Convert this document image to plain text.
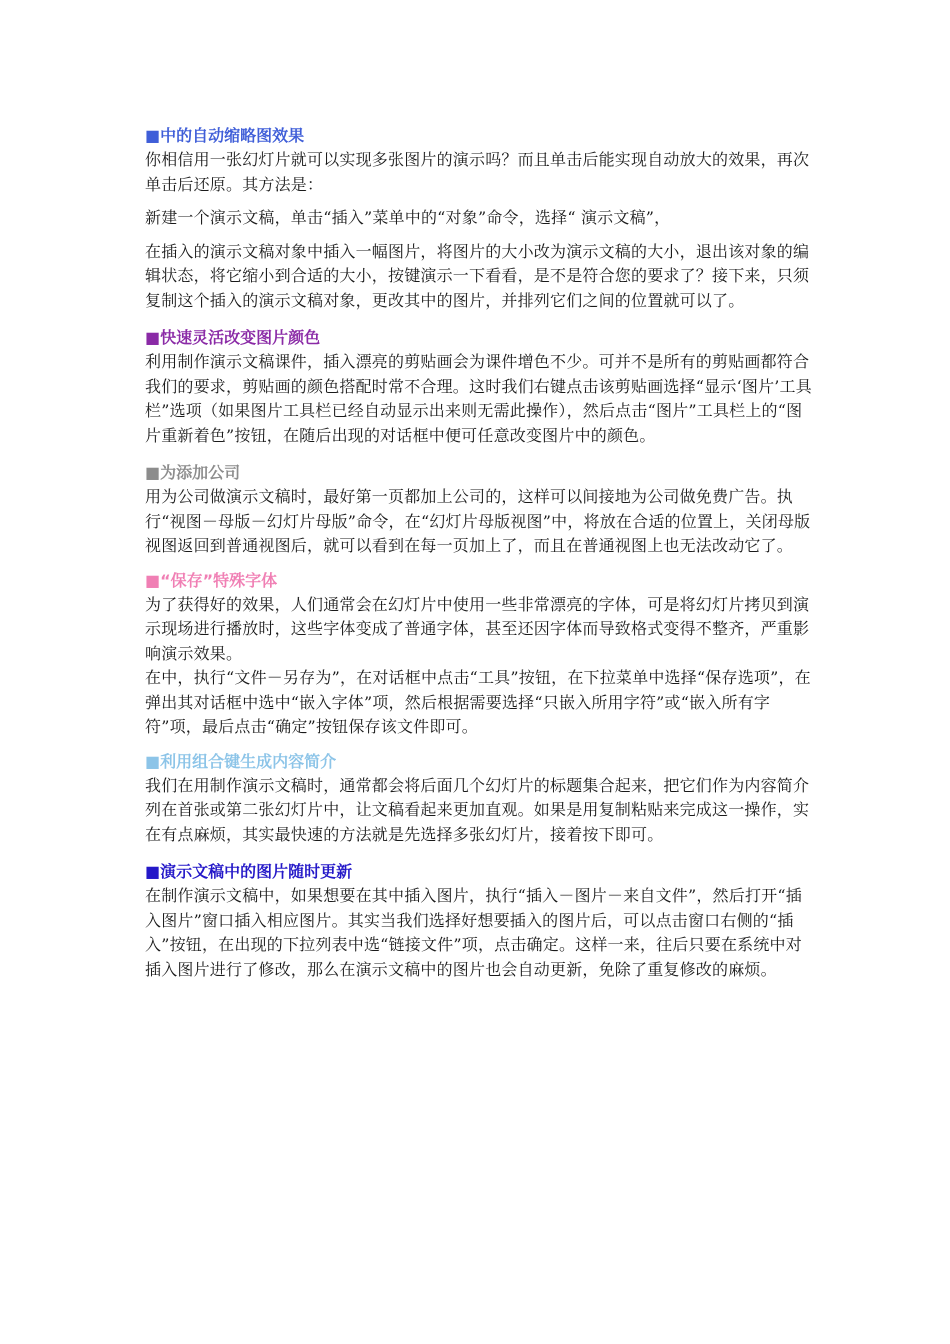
■中的自动缩略图效果

你相信用一张幻灯片就可以实现多张图片的演示吗？而且单击后能实现自动放大的效果，再次单击后还原。其方法是：

新建一个演示文稿，单击“插入”菜单中的“对象”命令，选择“ 演示文稿”，

在插入的演示文稿对象中插入一幅图片，将图片的大小改为演示文稿的大小，退出该对象的编辑状态，将它缩小到合适的大小，按键演示一下看看，是不是符合您的要求了？接下来，只须复制这个插入的演示文稿对象，更改其中的图片，并排列它们之间的位置就可以了。

■快速灵活改变图片颜色

利用制作演示文稿课件，插入漂亮的剪贴画会为课件增色不少。可并不是所有的剪贴画都符合我们的要求，剪贴画的颜色搭配时常不合理。这时我们右键点击该剪贴画选择“显示‘图片’工具栏”选项（如果图片工具栏已经自动显示出来则无需此操作），然后点击“图片”工具栏上的“图片重新着色”按钮，在随后出现的对话框中便可任意改变图片中的颜色。

■为添加公司

用为公司做演示文稿时，最好第一页都加上公司的，这样可以间接地为公司做免费广告。执行“视图－母版－幻灯片母版”命令，在“幻灯片母版视图”中，将放在合适的位置上，关闭母版视图返回到普通视图后，就可以看到在每一页加上了，而且在普通视图上也无法改动它了。

■“保存”特殊字体

为了获得好的效果，人们通常会在幻灯片中使用一些非常漂亮的字体，可是将幻灯片拷贝到演示现场进行播放时，这些字体变成了普通字体，甚至还因字体而导致格式变得不整齐，严重影响演示效果。

在中，执行“文件－另存为”，在对话框中点击“工具”按钮，在下拉菜单中选择“保存选项”，在弹出其对话框中选中“嵌入字体”项，然后根据需要选择“只嵌入所用字符”或“嵌入所有字符”项，最后点击“确定”按钮保存该文件即可。

■利用组合键生成内容简介

我们在用制作演示文稿时，通常都会将后面几个幻灯片的标题集合起来，把它们作为内容简介列在首张或第二张幻灯片中，让文稿看起来更加直观。如果是用复制粘贴来完成这一操作，实在有点麻烦，其实最快速的方法就是先选择多张幻灯片，接着按下即可。

■演示文稿中的图片随时更新

在制作演示文稿中，如果想要在其中插入图片，执行“插入－图片－来自文件”，然后打开“插入图片”窗口插入相应图片。其实当我们选择好想要插入的图片后，可以点击窗口右侧的“插入”按钮，在出现的下拉列表中选“链接文件”项，点击确定。这样一来，往后只要在系统中对插入图片进行了修改，那么在演示文稿中的图片也会自动更新，免除了重复修改的麻烦。
